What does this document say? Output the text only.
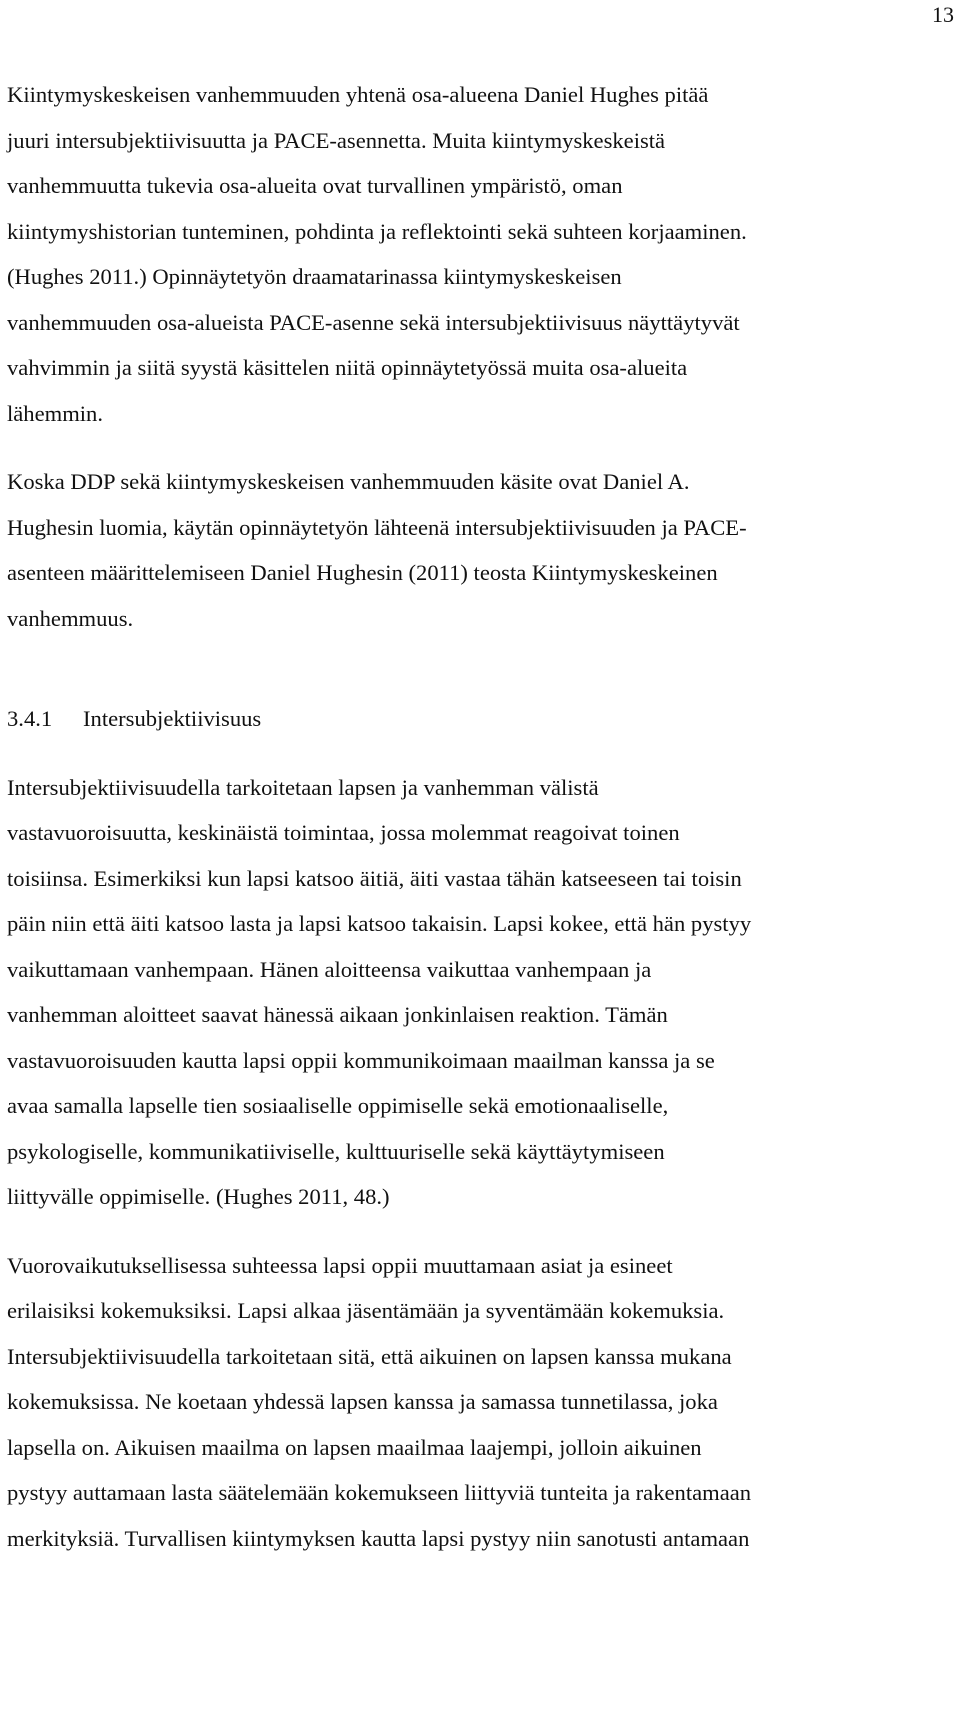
13
Kiintymyskeskeisen vanhemmuuden yhtenä osa-alueena Daniel Hughes pitää
juuri intersubjektiivisuutta ja PACE-asennetta. Muita kiintymyskeskeistä
vanhemmuutta tukevia osa-alueita ovat turvallinen ympäristö, oman
kiintymyshistorian tunteminen, pohdinta ja reflektointi sekä suhteen korjaaminen.
(Hughes 2011.) Opinnäytetyön draamatarinassa kiintymyskeskeisen
vanhemmuuden osa-alueista PACE-asenne sekä intersubjektiivisuus näyttäytyvät
vahvimmin ja siitä syystä käsittelen niitä opinnäytetyössä muita osa-alueita
lähemmin.
Koska DDP sekä kiintymyskeskeisen vanhemmuuden käsite ovat Daniel A.
Hughesin luomia, käytän opinnäytetyön lähteenä intersubjektiivisuuden ja PACE-
asenteen määrittelemiseen Daniel Hughesin (2011) teosta Kiintymyskeskeinen
vanhemmuus.
3.4.1 Intersubjektiivisuus
Intersubjektiivisuudella tarkoitetaan lapsen ja vanhemman välistä
vastavuoroisuutta, keskinäistä toimintaa, jossa molemmat reagoivat toinen
toisiinsa. Esimerkiksi kun lapsi katsoo äitiä, äiti vastaa tähän katseeseen tai toisin
päin niin että äiti katsoo lasta ja lapsi katsoo takaisin. Lapsi kokee, että hän pystyy
vaikuttamaan vanhempaan. Hänen aloitteensa vaikuttaa vanhempaan ja
vanhemman aloitteet saavat hänessä aikaan jonkinlaisen reaktion. Tämän
vastavuoroisuuden kautta lapsi oppii kommunikoimaan maailman kanssa ja se
avaa samalla lapselle tien sosiaaliselle oppimiselle sekä emotionaaliselle,
psykologiselle, kommunikatiiviselle, kulttuuriselle sekä käyttäytymiseen
liittyvälle oppimiselle. (Hughes 2011, 48.)
Vuorovaikutuksellisessa suhteessa lapsi oppii muuttamaan asiat ja esineet
erilaisiksi kokemuksiksi. Lapsi alkaa jäsentämään ja syventämään kokemuksia.
Intersubjektiivisuudella tarkoitetaan sitä, että aikuinen on lapsen kanssa mukana
kokemuksissa. Ne koetaan yhdessä lapsen kanssa ja samassa tunnetilassa, joka
lapsella on. Aikuisen maailma on lapsen maailmaa laajempi, jolloin aikuinen
pystyy auttamaan lasta säätelemään kokemukseen liittyviä tunteita ja rakentamaan
merkityksiä. Turvallisen kiintymyksen kautta lapsi pystyy niin sanotusti antamaan
